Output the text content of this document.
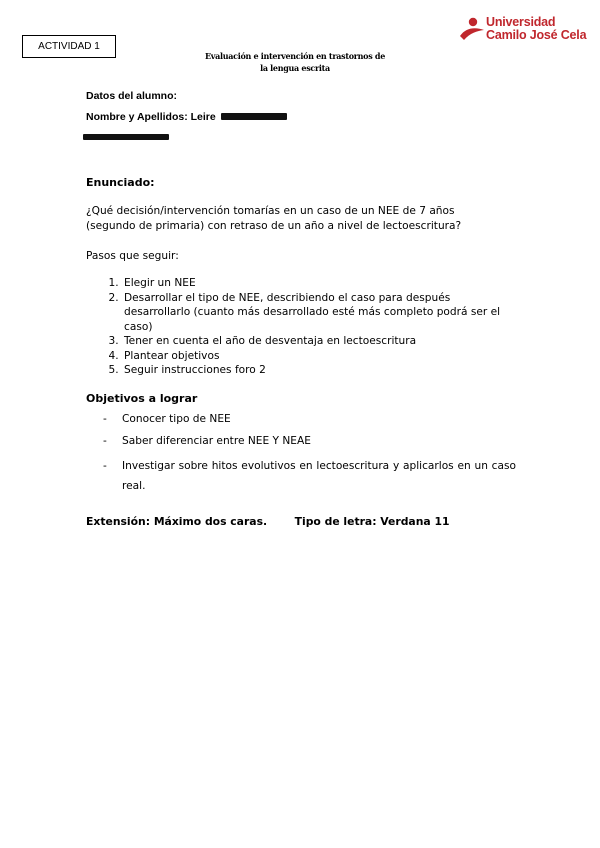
ACTIVIDAD 1
Evaluación e intervención en trastornos de
la lengua escrita
Universidad
Camilo José Cela
Datos del alumno:
Nombre y Apellidos: Leire
Enunciado:
¿Qué decisión/intervención tomarías en un caso de un NEE de 7 años (segundo de primaria) con retraso de un año a nivel de lectoescritura?
Pasos que seguir:
1. Elegir un NEE
2. Desarrollar el tipo de NEE, describiendo el caso para después desarrollarlo (cuanto más desarrollado esté más completo podrá ser el caso)
3. Tener en cuenta el año de desventaja en lectoescritura
4. Plantear objetivos
5. Seguir instrucciones foro 2
Objetivos a lograr
- Conocer tipo de NEE
- Saber diferenciar entre NEE Y NEAE
- Investigar sobre hitos evolutivos en lectoescritura y aplicarlos en un caso real.
Extensión: Máximo dos caras.	Tipo de letra: Verdana 11
